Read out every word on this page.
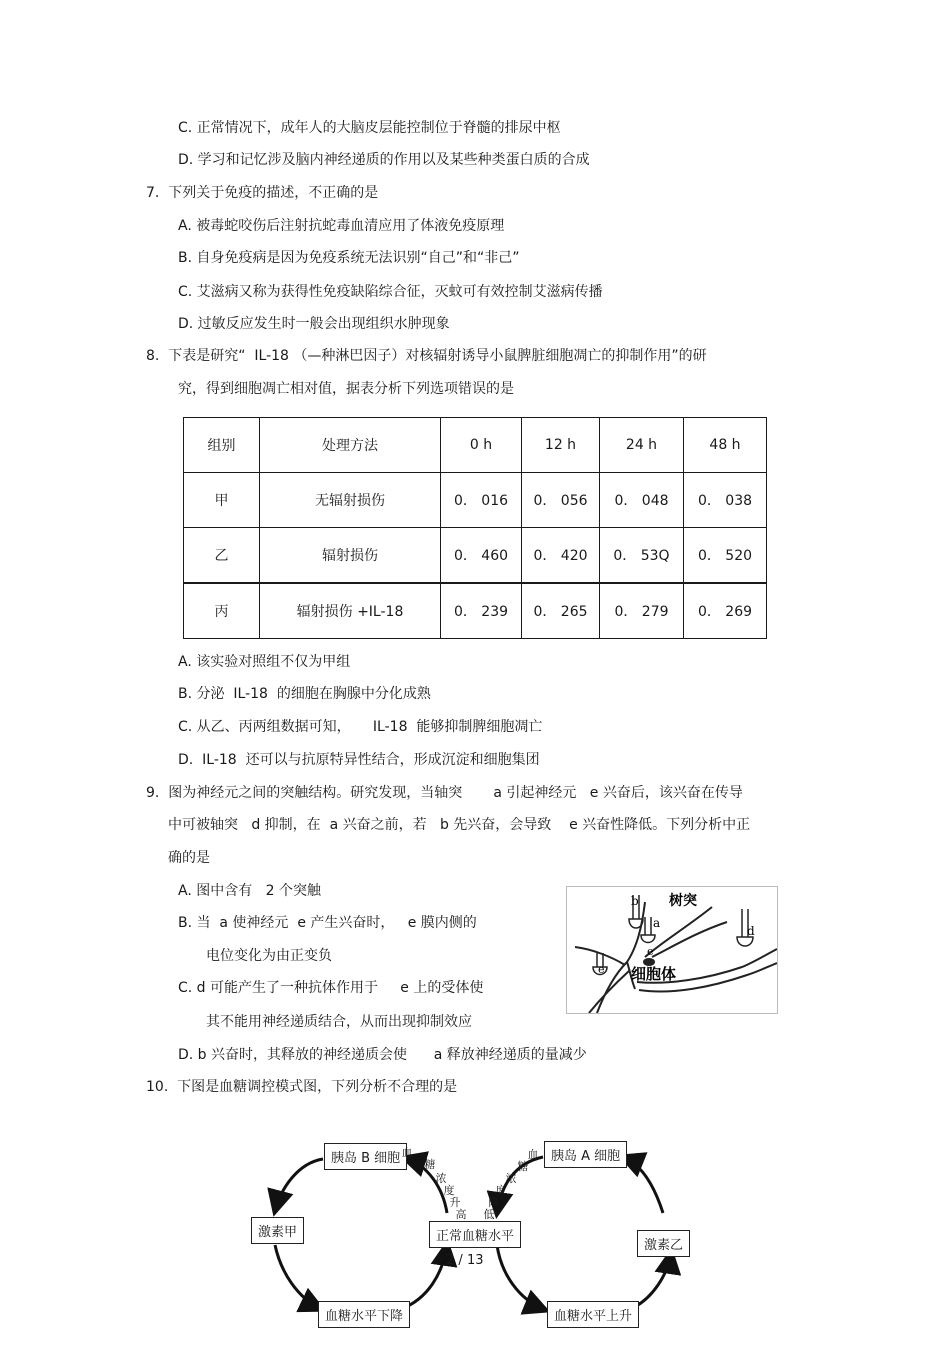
C. 正常情况下，成年人的大脑皮层能控制位于脊髓的排尿中枢
D. 学习和记忆涉及脑内神经递质的作用以及某些种类蛋白质的合成
7.  下列关于免疫的描述，不正确的是
A. 被毒蛇咬伤后注射抗蛇毒血清应用了体液免疫原理
B. 自身免疫病是因为免疫系统无法识别“自己”和“非己”
C. 艾滋病又称为获得性免疫缺陷综合征，灭蚊可有效控制艾滋病传播
D. 过敏反应发生时一般会出现组织水肿现象
8.  下表是研究“  IL-18 （—种淋巴因子）对核辐射诱导小鼠脾脏细胞凋亡的抑制作用”的研
究，得到细胞凋亡相对值，据表分析下列选项错误的是
组别	处理方法	0 h	12 h	24 h	48 h
甲	无辐射损伤	0． 016	0． 056	0． 048	0． 038
乙	辐射损伤	0． 460	0． 420	0． 53Q	0． 520
丙	辐射损伤 +IL-18	0． 239	0． 265	0． 279	0． 269
A. 该实验对照组不仅为甲组
B. 分泌  IL-18  的细胞在胸腺中分化成熟
C. 从乙、丙两组数据可知，     IL-18  能够抑制脾细胞凋亡
D.  IL-18  还可以与抗原特异性结合，形成沉淀和细胞集团
9.  图为神经元之间的突触结构。研究发现，当轴突       a 引起神经元   e 兴奋后，该兴奋在传导
中可被轴突   d 抑制，在  a 兴奋之前，若   b 先兴奋，会导致    e 兴奋性降低。下列分析中正
确的是
A. 图中含有   2 个突触
B. 当  a 使神经元  e 产生兴奋时，   e 膜内侧的
电位变化为由正变负
C. d 可能产生了一种抗体作用于     e 上的受体使
其不能用神经递质结合，从而出现抑制效应
D. b 兴奋时，其释放的神经递质会使      a 释放神经递质的量减少
10.  下图是血糖调控模式图，下列分析不合理的是
b
a
d
e
e
树突
细胞体
胰岛 B 细胞	胰岛 A 细胞
激素甲
激素乙
正常血糖水平
血糖水平下降	血糖水平上升
血
糖
浓
度
升
高
血
糖
浓
度
降
低
2 / 13
